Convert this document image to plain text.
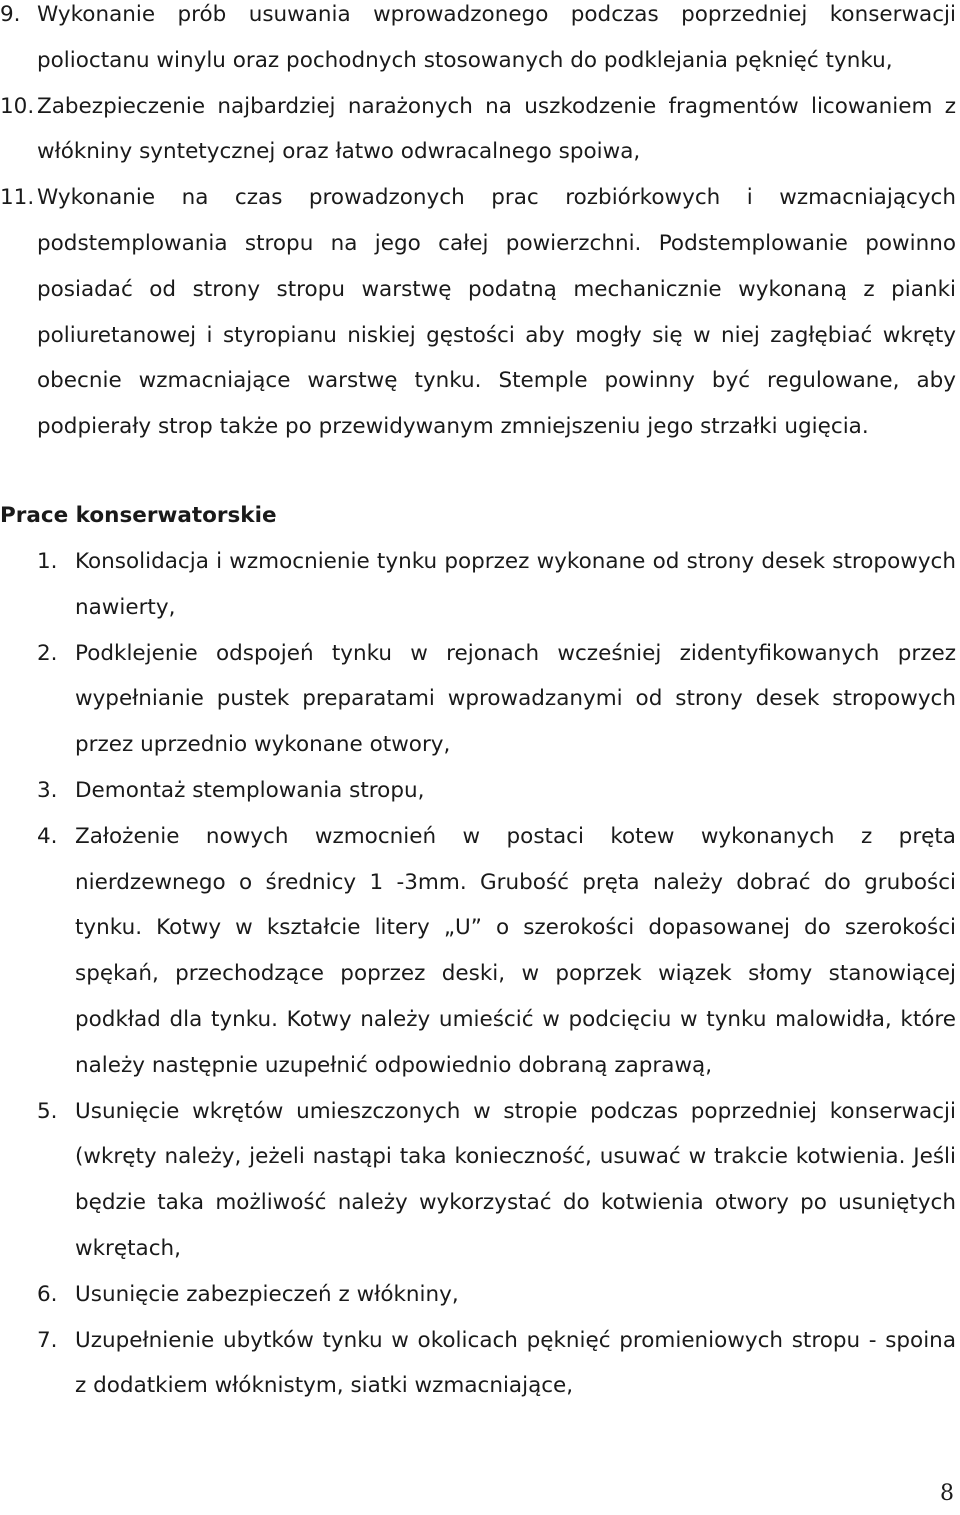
9. Wykonanie prób usuwania wprowadzonego podczas poprzedniej konserwacji polioctanu winylu oraz pochodnych stosowanych do podklejania pęknięć tynku,
10. Zabezpieczenie najbardziej narażonych na uszkodzenie fragmentów licowaniem z włókniny syntetycznej oraz łatwo odwracalnego spoiwa,
11. Wykonanie na czas prowadzonych prac rozbiórkowych i wzmacniających podstemplowania stropu na jego całej powierzchni. Podstemplowanie powinno posiadać od strony stropu warstwę podatną mechanicznie wykonaną z pianki poliuretanowej i styropianu niskiej gęstości aby mogły się w niej zagłębiać wkręty obecnie wzmacniające warstwę tynku. Stemple powinny być regulowane, aby podpierały strop także po przewidywanym zmniejszeniu jego strzałki ugięcia.
Prace konserwatorskie
1. Konsolidacja i wzmocnienie tynku poprzez wykonane od strony desek stropowych nawierty,
2. Podklejenie odspojeń tynku w rejonach wcześniej zidentyfikowanych przez wypełnianie pustek preparatami wprowadzanymi od strony desek stropowych przez uprzednio wykonane otwory,
3. Demontaż stemplowania stropu,
4. Założenie nowych wzmocnień w postaci kotew wykonanych z pręta nierdzewnego o średnicy 1 -3mm. Grubość pręta należy dobrać do grubości tynku. Kotwy w kształcie litery „U” o szerokości dopasowanej do szerokości spękań, przechodzące poprzez deski, w poprzek wiązek słomy stanowiącej podkład dla tynku. Kotwy należy umieścić w podcięciu w tynku malowidła, które należy następnie uzupełnić odpowiednio dobraną zaprawą,
5. Usunięcie wkrętów umieszczonych w stropie podczas poprzedniej konserwacji (wkręty należy, jeżeli nastąpi taka konieczność, usuwać w trakcie kotwienia. Jeśli będzie taka możliwość należy wykorzystać do kotwienia otwory po usuniętych wkrętach,
6. Usunięcie zabezpieczeń z włókniny,
7. Uzupełnienie ubytków tynku w okolicach pęknięć promieniowych stropu - spoina z dodatkiem włóknistym, siatki wzmacniające,
8
